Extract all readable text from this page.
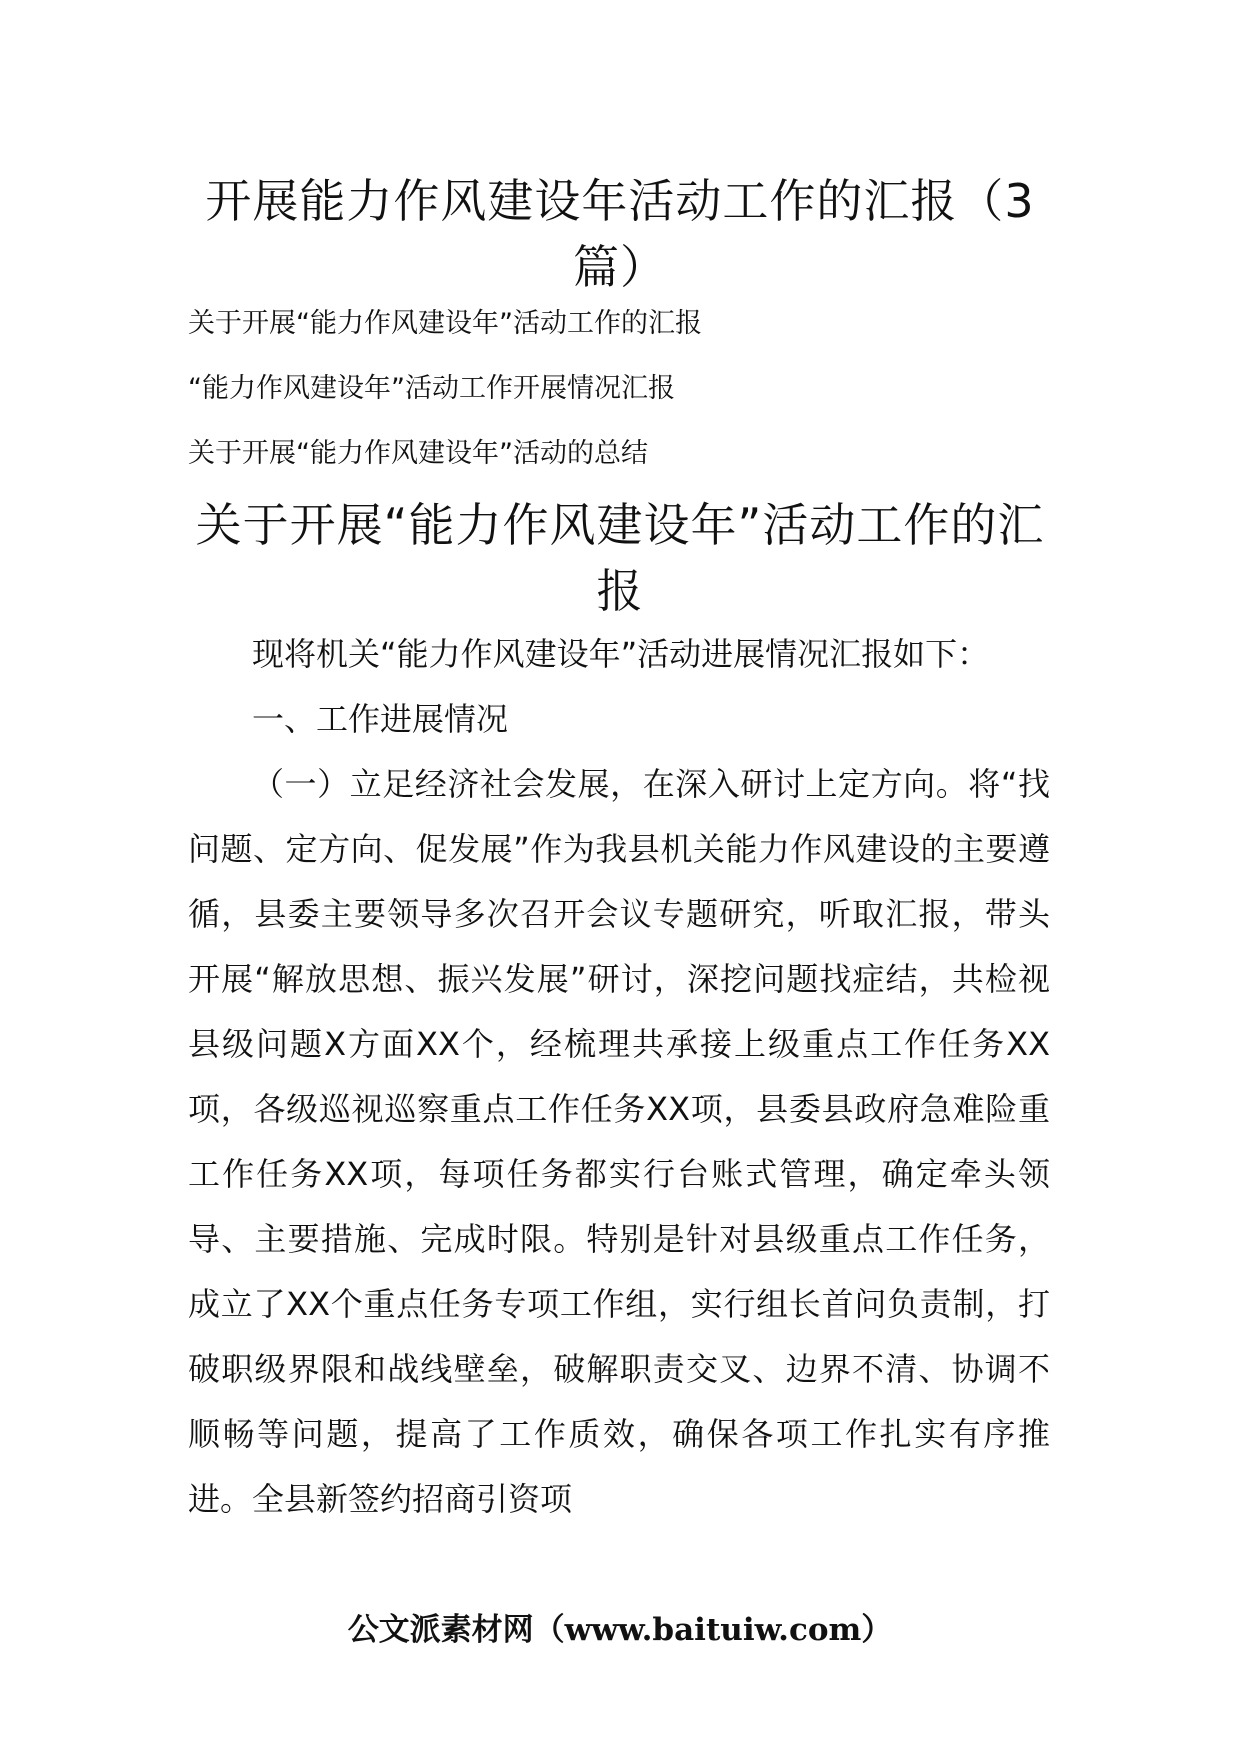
开展能力作风建设年活动工作的汇报（3篇）
关于开展“能力作风建设年”活动工作的汇报
“能力作风建设年”活动工作开展情况汇报
关于开展“能力作风建设年”活动的总结
关于开展“能力作风建设年”活动工作的汇报

现将机关“能力作风建设年”活动进展情况汇报如下：

一、工作进展情况

（一）立足经济社会发展，在深入研讨上定方向。将“找问题、定方向、促发展”作为我县机关能力作风建设的主要遵循，县委主要领导多次召开会议专题研究，听取汇报，带头开展“解放思想、振兴发展”研讨，深挖问题找症结，共检视县级问题X方面XX个，经梳理共承接上级重点工作任务XX项，各级巡视巡察重点工作任务XX项，县委县政府急难险重工作任务XX项，每项任务都实行台账式管理，确定牵头领导、主要措施、完成时限。特别是针对县级重点工作任务，成立了XX个重点任务专项工作组，实行组长首问负责制，打破职级界限和战线壁垒，破解职责交叉、边界不清、协调不顺畅等问题，提高了工作质效，确保各项工作扎实有序推进。全县新签约招商引资项

公文派素材网（www.baituiw.com）
